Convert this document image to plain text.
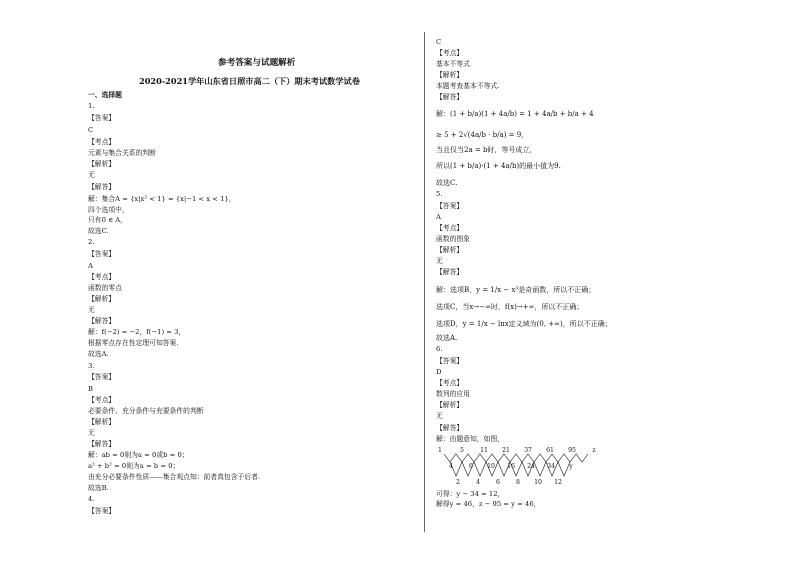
参考答案与试题解析
2020-2021学年山东省日照市高二（下）期末考试数学试卷
一、选择题
1.
【答案】
C
【考点】
元素与集合关系的判断
【解析】
无
【解答】
解：集合A = {x|x² < 1} = {x|−1 < x < 1}，
四个选项中，
只有0 ∈ A，
故选C.
2.
【答案】
A
【考点】
函数的零点
【解析】
无
【解答】
解：f(−2) = −2，f(−1) = 3，
根据零点存在性定理可知答案.
故选A.
3.
【答案】
B
【考点】
必要条件、充分条件与充要条件的判断
【解析】
无
【解答】
解：ab = 0则为a = 0或b = 0；
a² + b² = 0则为a = b = 0；
由充分必要条件性质——集合观点知：前者真包含于后者.
故选B.
4.
【答案】
C
【考点】
基本不等式
【解析】
本题考查基本不等式.
【解答】
解：(1 + b/a)(1 + 4a/b) = 1 + 4a/b + b/a + 4
≥ 5 + 2√(4a/b · b/a) = 9，
当且仅当2a = b时，等号成立，
所以(1 + b/a)·(1 + 4a/b)的最小值为9.
故选C.
5.
【答案】
A
【考点】
函数的图象
【解析】
无
【解答】
解：选项B，y = 1/x − x³是奇函数，所以不正确；
选项C，当x→−∞时，f(x)→+∞，所以不正确；
选项D，y = 1/x − lnx定义域为(0, +∞)，所以不正确；
故选A.
6.
【答案】
D
【考点】
数列的应用
【解析】
无
【解答】
解：由题意知，如图，
1	5	11 21 37 61 95	z
4	6 10 16 24 34 y
2	4	6	8 10 12
可得：y − 34 = 12，
解得y = 46，z − 95 = y = 46，
